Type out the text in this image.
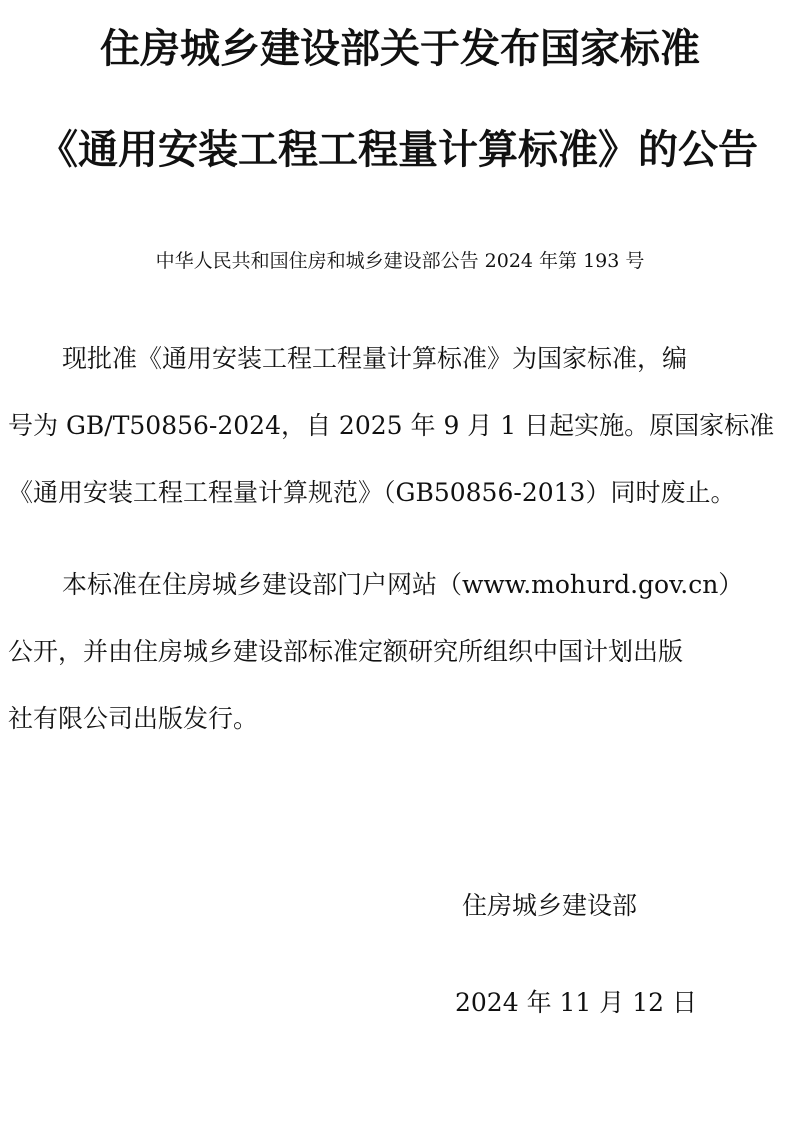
住房城乡建设部关于发布国家标准
《通用安装工程工程量计算标准》的公告
中华人民共和国住房和城乡建设部公告 2024 年第 193 号
现批准《通用安装工程工程量计算标准》为国家标准，编
号为 GB/T50856-2024，自 2025 年 9 月 1 日起实施。原国家标准
《通用安装工程工程量计算规范》（GB50856-2013）同时废止。
本标准在住房城乡建设部门户网站（www.mohurd.gov.cn）
公开，并由住房城乡建设部标准定额研究所组织中国计划出版
社有限公司出版发行。
住房城乡建设部
2024 年 11 月 12 日
